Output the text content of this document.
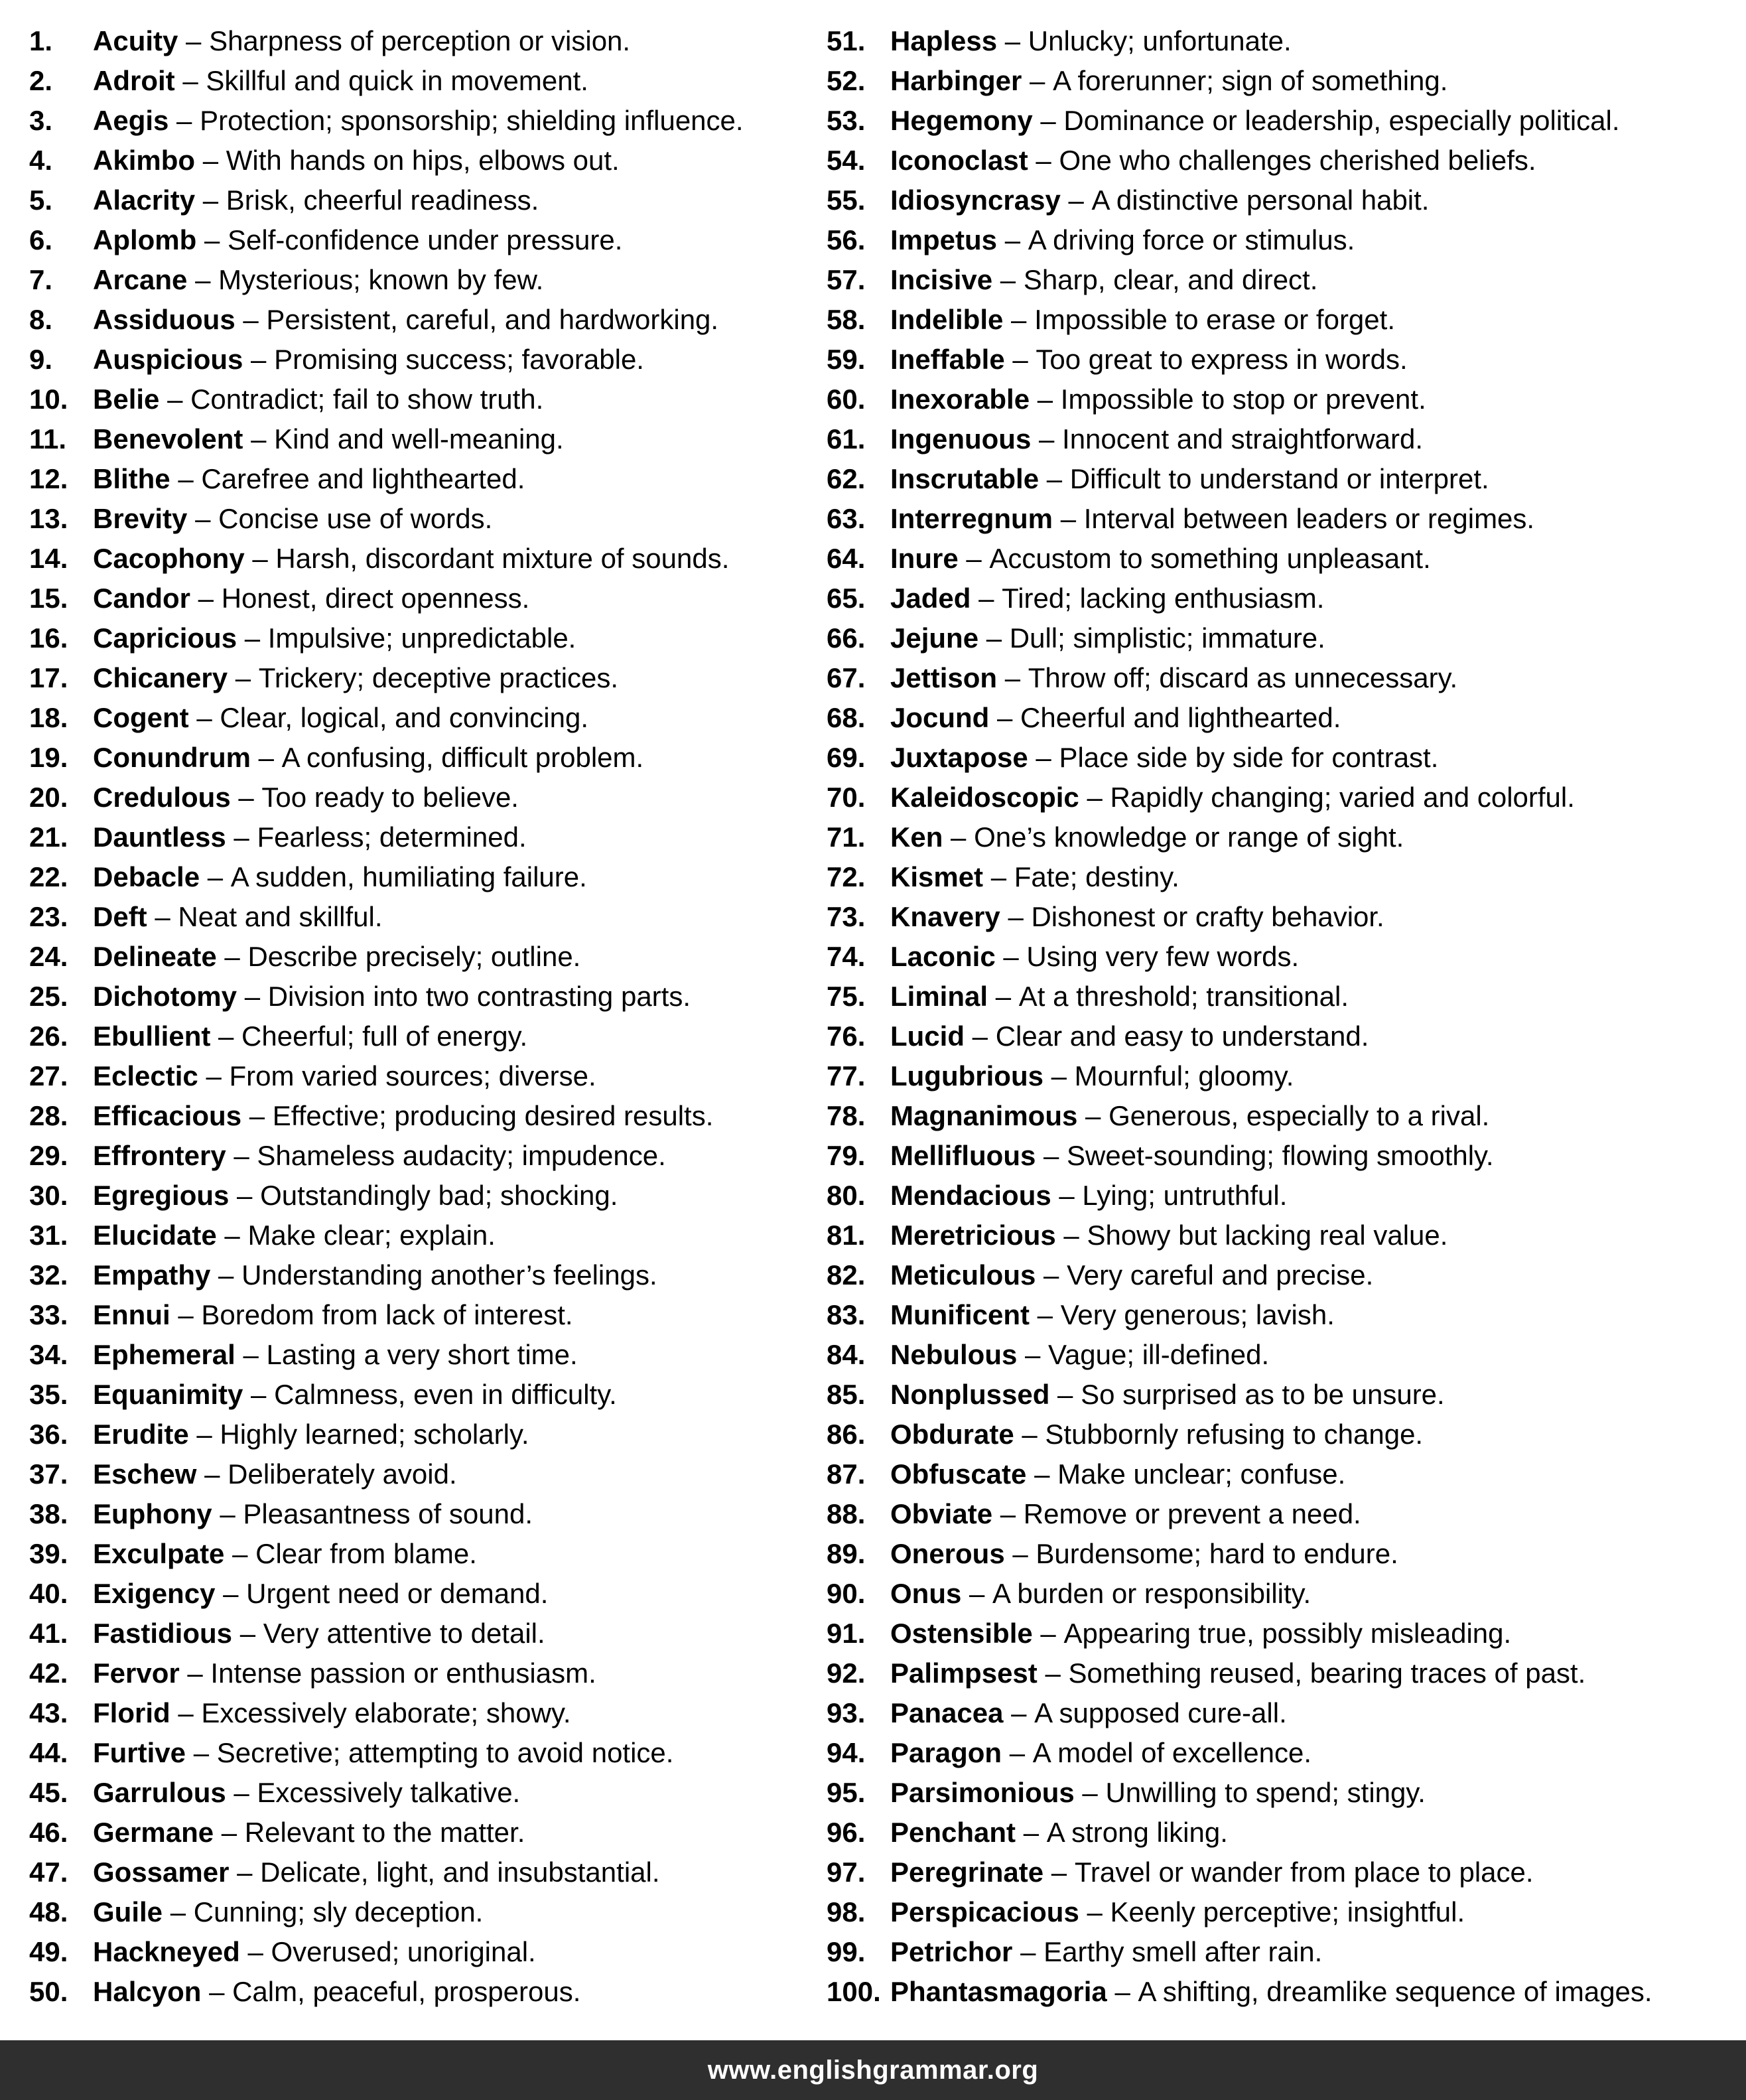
1.	Acuity
–
Sharpness of perception or vision.
2.	Adroit
–
Skillful and quick in movement.
3.	Aegis
–
Protection; sponsorship; shielding influence.
4.	Akimbo
–
With hands on hips, elbows out.
5.	Alacrity
–
Brisk, cheerful readiness.
6.	Aplomb
–
Self-confidence under pressure.
7.	Arcane
–
Mysterious; known by few.
8.	Assiduous
–
Persistent, careful, and hardworking.
9.	Auspicious
–
Promising success; favorable.
10. Belie
–
Contradict; fail to show truth.
11. Benevolent
–
Kind and well-meaning.
12. Blithe
–
Carefree and lighthearted.
13. Brevity
–
Concise use of words.
14. Cacophony
–
Harsh, discordant mixture of sounds.
15. Candor
–
Honest, direct openness.
16. Capricious
–
Impulsive; unpredictable.
17. Chicanery
–
Trickery; deceptive practices.
18. Cogent
–
Clear, logical, and convincing.
19. Conundrum
–
A confusing, difficult problem.
20. Credulous
–
Too ready to believe.
21. Dauntless
–
Fearless; determined.
22. Debacle
–
A sudden, humiliating failure.
23. Deft
–
Neat and skillful.
24. Delineate
–
Describe precisely; outline.
25. Dichotomy
–
Division into two contrasting parts.
26. Ebullient
–
Cheerful; full of energy.
27. Eclectic
–
From varied sources; diverse.
28. Efficacious
–
Effective; producing desired results.
29. Effrontery
–
Shameless audacity; impudence.
30. Egregious
–
Outstandingly bad; shocking.
31. Elucidate
–
Make clear; explain.
32. Empathy
–
Understanding another’s feelings.
33. Ennui
–
Boredom from lack of interest.
34. Ephemeral
–
Lasting a very short time.
35. Equanimity
–
Calmness, even in difficulty.
36. Erudite
–
Highly learned; scholarly.
37. Eschew
–
Deliberately avoid.
38. Euphony
–
Pleasantness of sound.
39. Exculpate
–
Clear from blame.
40. Exigency
–
Urgent need or demand.
41. Fastidious
–
Very attentive to detail.
42. Fervor
–
Intense passion or enthusiasm.
43. Florid
–
Excessively elaborate; showy.
44. Furtive
–
Secretive; attempting to avoid notice.
45. Garrulous
–
Excessively talkative.
46. Germane
–
Relevant to the matter.
47. Gossamer
–
Delicate, light, and insubstantial.
48. Guile
–
Cunning; sly deception.
49. Hackneyed
–
Overused; unoriginal.
50. Halcyon
–
Calm, peaceful, prosperous.
51. Hapless
–
Unlucky; unfortunate.
52. Harbinger
–
A forerunner; sign of something.
53. Hegemony
–
Dominance or leadership, especially political.
54. Iconoclast
–
One who challenges cherished beliefs.
55. Idiosyncrasy
–
A distinctive personal habit.
56. Impetus
–
A driving force or stimulus.
57. Incisive
–
Sharp, clear, and direct.
58. Indelible
–
Impossible to erase or forget.
59. Ineffable
–
Too great to express in words.
60. Inexorable
–
Impossible to stop or prevent.
61. Ingenuous
–
Innocent and straightforward.
62. Inscrutable
–
Difficult to understand or interpret.
63. Interregnum
–
Interval between leaders or regimes.
64. Inure
–
Accustom to something unpleasant.
65. Jaded
–
Tired; lacking enthusiasm.
66. Jejune
–
Dull; simplistic; immature.
67. Jettison
–
Throw off; discard as unnecessary.
68. Jocund
–
Cheerful and lighthearted.
69. Juxtapose
–
Place side by side for contrast.
70. Kaleidoscopic
–
Rapidly changing; varied and colorful.
71. Ken
–
One’s knowledge or range of sight.
72. Kismet
–
Fate; destiny.
73. Knavery
–
Dishonest or crafty behavior.
74. Laconic
–
Using very few words.
75. Liminal
–
At a threshold; transitional.
76. Lucid
–
Clear and easy to understand.
77. Lugubrious
–
Mournful; gloomy.
78. Magnanimous
–
Generous, especially to a rival.
79. Mellifluous
–
Sweet-sounding; flowing smoothly.
80. Mendacious
–
Lying; untruthful.
81. Meretricious
–
Showy but lacking real value.
82. Meticulous
–
Very careful and precise.
83. Munificent
–
Very generous; lavish.
84. Nebulous
–
Vague; ill-defined.
85. Nonplussed
–
So surprised as to be unsure.
86. Obdurate
–
Stubbornly refusing to change.
87. Obfuscate
–
Make unclear; confuse.
88. Obviate
–
Remove or prevent a need.
89. Onerous
–
Burdensome; hard to endure.
90. Onus
–
A burden or responsibility.
91. Ostensible
–
Appearing true, possibly misleading.
92. Palimpsest
–
Something reused, bearing traces of past.
93. Panacea
–
A supposed cure-all.
94. Paragon
–
A model of excellence.
95. Parsimonious
–
Unwilling to spend; stingy.
96. Penchant
–
A strong liking.
97. Peregrinate
–
Travel or wander from place to place.
98. Perspicacious
–
Keenly perceptive; insightful.
99. Petrichor
–
Earthy smell after rain.
100. Phantasmagoria
–
A shifting, dreamlike sequence of images.
www.englishgrammar.org
